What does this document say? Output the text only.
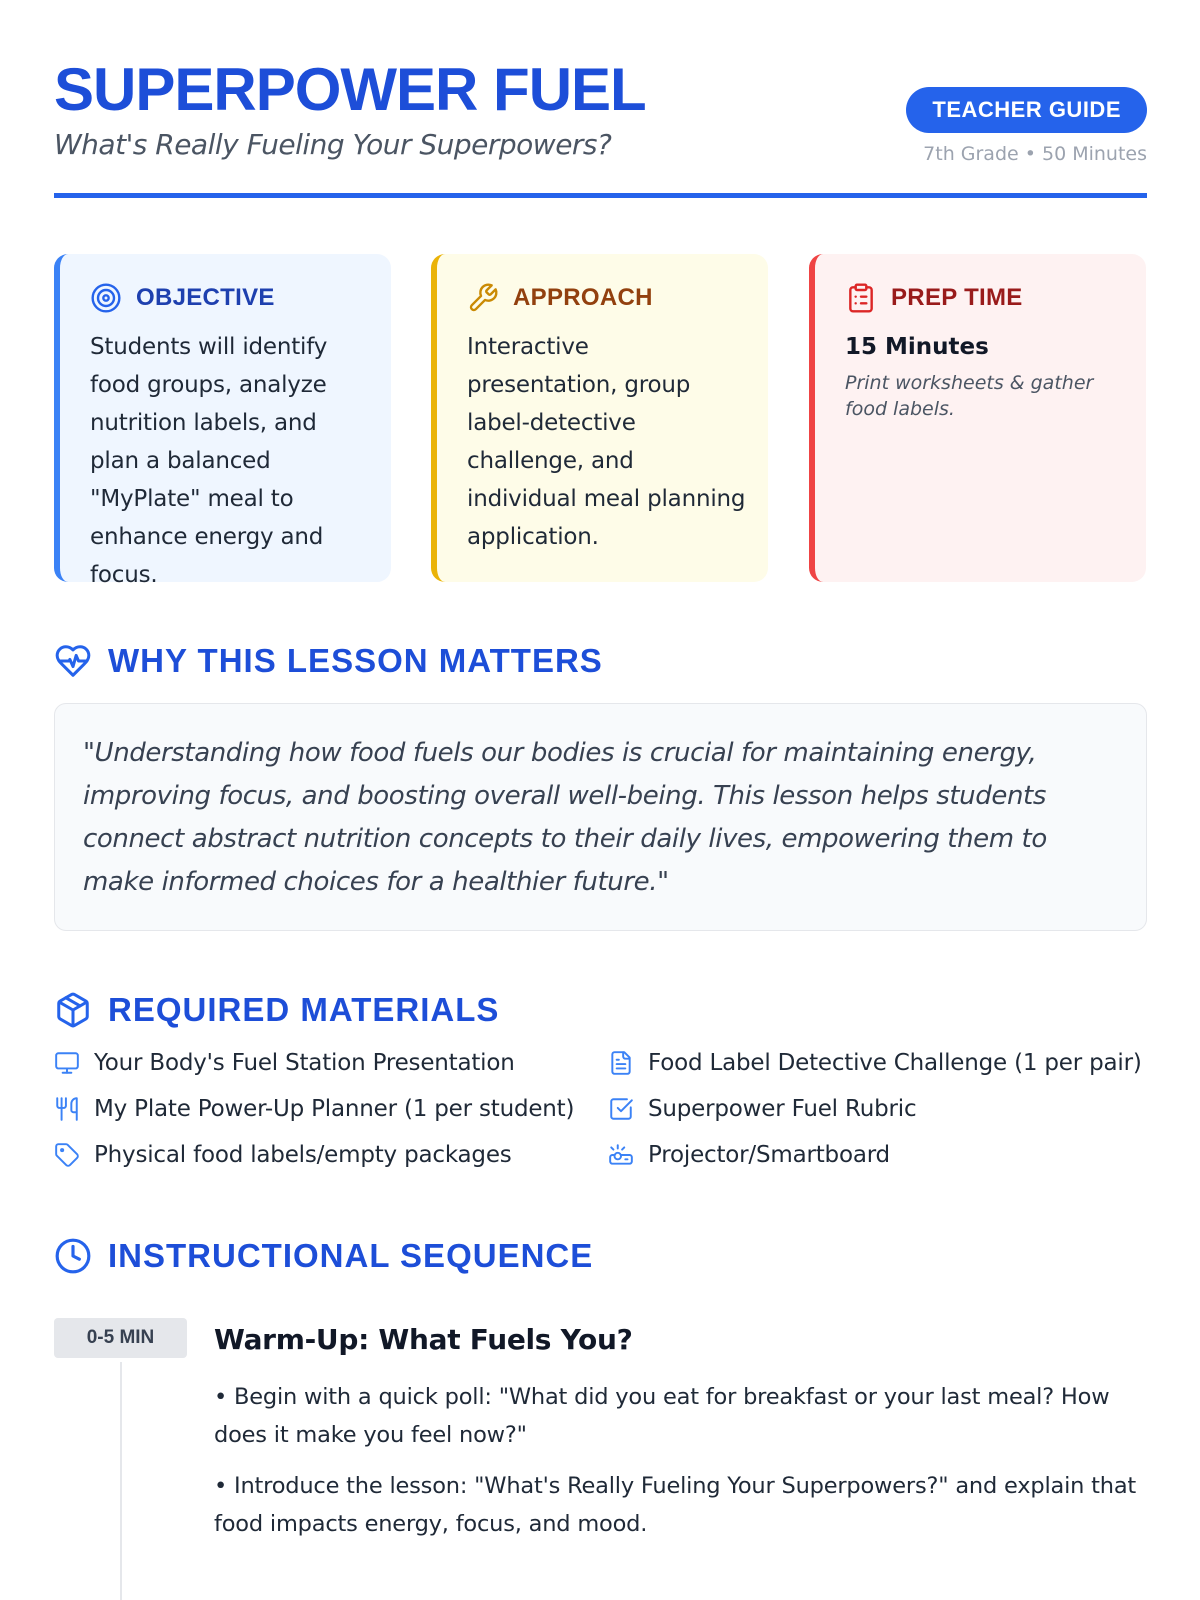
SUPERPOWER FUEL
What's Really Fueling Your Superpowers?
TEACHER GUIDE
7th Grade • 50 Minutes
OBJECTIVE
Students will identify food groups, analyze nutrition labels, and plan a balanced "MyPlate" meal to enhance energy and focus.
APPROACH
Interactive presentation, group label-detective challenge, and individual meal planning application.
PREP TIME
15 Minutes
Print worksheets & gather food labels.
WHY THIS LESSON MATTERS
"Understanding how food fuels our bodies is crucial for maintaining energy, improving focus, and boosting overall well-being. This lesson helps students connect abstract nutrition concepts to their daily lives, empowering them to make informed choices for a healthier future."
REQUIRED MATERIALS
Your Body's Fuel Station Presentation	Food Label Detective Challenge (1 per pair)
My Plate Power-Up Planner (1 per student)	Superpower Fuel Rubric
Physical food labels/empty packages	Projector/Smartboard
INSTRUCTIONAL SEQUENCE
0-5 MIN	Warm-Up: What Fuels You?
• Begin with a quick poll: "What did you eat for breakfast or your last meal? How does it make you feel now?"
• Introduce the lesson: "What's Really Fueling Your Superpowers?" and explain that food impacts energy, focus, and mood.
